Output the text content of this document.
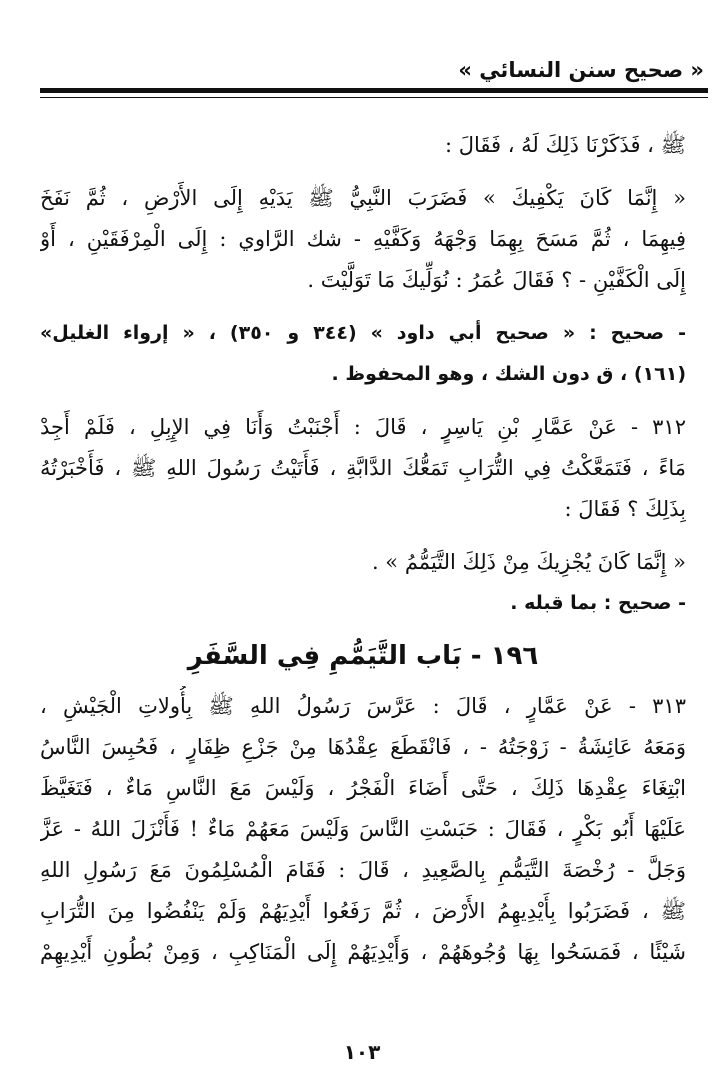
« صحيح سنن النسائي »
ﷺ ، فَذَكَرْنَا ذَلِكَ لَهُ ، فَقَالَ :
« إِنَّمَا كَانَ يَكْفِيكَ » فَضَرَبَ النَّبِيُّ ﷺ يَدَيْهِ إِلَى الأَرْضِ ، ثُمَّ نَفَخَ
فِيهِمَا ، ثُمَّ مَسَحَ بِهِمَا وَجْهَهُ وَكَفَّيْهِ - شك الرَّاوي : إِلَى الْمِرْفَقَيْنِ ، أَوْ
إِلَى الْكَفَّيْنِ - ؟ فَقَالَ عُمَرُ : نُوَلِّيكَ مَا تَوَلَّيْتَ .
- صحيح : « صحيح أبي داود » (٣٤٤ و ٣٥٠) ، « إرواء الغليل»
(١٦١) ، ق دون الشك ، وهو المحفوظ .
٣١٢ - عَنْ عَمَّارِ بْنِ يَاسِرٍ ، قَالَ : أَجْنَبْتُ وَأَنَا فِي الإِبِلِ ، فَلَمْ أَجِدْ
مَاءً ، فَتَمَعَّكْتُ فِي التُّرَابِ تَمَعُّكَ الدَّابَّةِ ، فَأَتَيْتُ رَسُولَ اللهِ ﷺ ، فَأَخْبَرْتُهُ
بِذَلِكَ ؟ فَقَالَ :
« إِنَّمَا كَانَ يُجْزِيكَ مِنْ ذَلِكَ التَّيَمُّمُ » .
- صحيح : بما قبله .
١٩٦ - بَاب التَّيَمُّمِ فِي السَّفَرِ
٣١٣ - عَنْ عَمَّارٍ ، قَالَ : عَرَّسَ رَسُولُ اللهِ ﷺ بِأُولاتِ الْجَيْشِ ،
وَمَعَهُ عَائِشَةُ - زَوْجَتُهُ - ، فَانْقَطَعَ عِقْدُهَا مِنْ جَزْعِ ظِفَارٍ ، فَحُبِسَ النَّاسُ
ابْتِغَاءَ عِقْدِهَا ذَلِكَ ، حَتَّى أَضَاءَ الْفَجْرُ ، وَلَيْسَ مَعَ النَّاسِ مَاءٌ ، فَتَغَيَّظَ
عَلَيْهَا أَبُو بَكْرٍ ، فَقَالَ : حَبَسْتِ النَّاسَ وَلَيْسَ مَعَهُمْ مَاءٌ ! فَأَنْزَلَ اللهُ - عَزَّ
وَجَلَّ - رُخْصَةَ التَّيَمُّمِ بِالصَّعِيدِ ، قَالَ : فَقَامَ الْمُسْلِمُونَ مَعَ رَسُولِ اللهِ
ﷺ ، فَضَرَبُوا بِأَيْدِيهِمُ الأَرْضَ ، ثُمَّ رَفَعُوا أَيْدِيَهُمْ وَلَمْ يَنْفُضُوا مِنَ التُّرَابِ
شَيْئًا ، فَمَسَحُوا بِهَا وُجُوهَهُمْ ، وَأَيْدِيَهُمْ إِلَى الْمَنَاكِبِ ، وَمِنْ بُطُونِ أَيْدِيهِمْ
١٠٣
